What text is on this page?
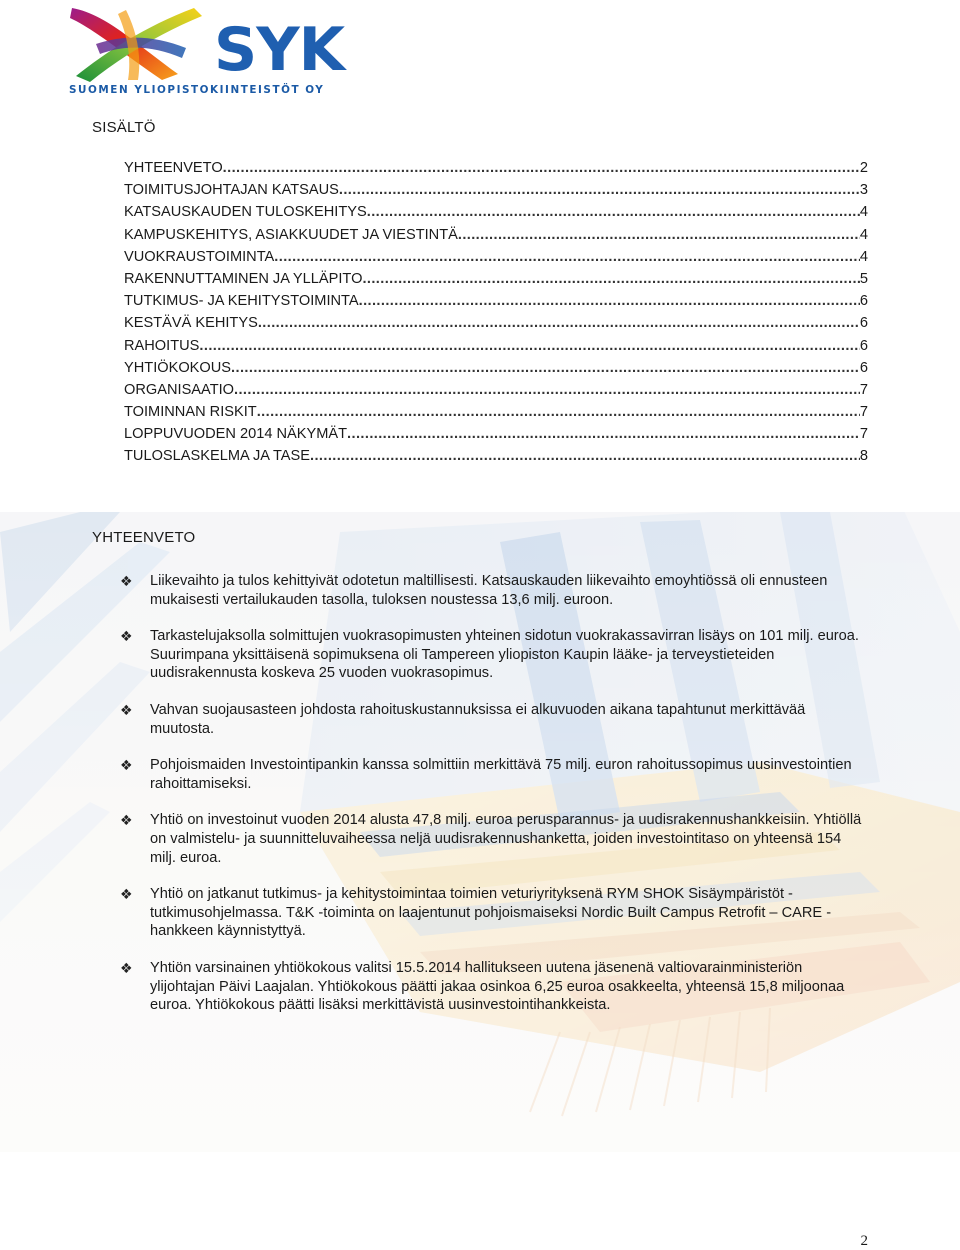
SYK
SUOMEN YLIOPISTOKIINTEISTÖT OY
SISÄLTÖ
YHTEENVETO .....	2
TOIMITUSJOHTAJAN KATSAUS .....	3
KATSAUSKAUDEN TULOSKEHITYS .....	4
KAMPUSKEHITYS, ASIAKKUUDET JA VIESTINTÄ .....	4
VUOKRAUSTOIMINTA .....	4
RAKENNUTTAMINEN JA YLLÄPITO .....	5
TUTKIMUS- JA KEHITYSTOIMINTA .....	6
KESTÄVÄ KEHITYS .....	6
RAHOITUS .....	6
YHTIÖKOKOUS .....	6
ORGANISAATIO .....	7
TOIMINNAN RISKIT .....	7
LOPPUVUODEN 2014 NÄKYMÄT .....	7
TULOSLASKELMA JA TASE .....	8
YHTEENVETO
❖ Liikevaihto ja tulos kehittyivät odotetun maltillisesti. Katsauskauden liikevaihto emoyhtiössä oli ennusteen mukaisesti vertailukauden tasolla, tuloksen noustessa 13,6 milj. euroon.
❖ Tarkastelujaksolla solmittujen vuokrasopimusten yhteinen sidotun vuokrakassavirran lisäys on 101 milj. euroa. Suurimpana yksittäisenä sopimuksena oli Tampereen yliopiston Kaupin lääke- ja terveystieteiden uudisrakennusta koskeva 25 vuoden vuokrasopimus.
❖ Vahvan suojausasteen johdosta rahoituskustannuksissa ei alkuvuoden aikana tapahtunut merkittävää muutosta.
❖ Pohjoismaiden Investointipankin kanssa solmittiin merkittävä 75 milj. euron rahoitussopimus uusinvestointien rahoittamiseksi.
❖ Yhtiö on investoinut vuoden 2014 alusta 47,8 milj. euroa perusparannus- ja uudisrakennushankkeisiin. Yhtiöllä on valmistelu- ja suunnitteluvaiheessa neljä uudisrakennushanketta, joiden investointitaso on yhteensä 154 milj. euroa.
❖ Yhtiö on jatkanut tutkimus- ja kehitystoimintaa toimien veturiyrityksenä RYM SHOK Sisäympäristöt -tutkimusohjelmassa. T&K -toiminta on laajentunut pohjoismaiseksi Nordic Built Campus Retrofit – CARE -hankkeen käynnistyttyä.
❖ Yhtiön varsinainen yhtiökokous valitsi 15.5.2014 hallitukseen uutena jäsenenä valtiovarainministeriön ylijohtajan Päivi Laajalan. Yhtiökokous päätti jakaa osinkoa 6,25 euroa osakkeelta, yhteensä 15,8 miljoonaa euroa. Yhtiökokous päätti lisäksi merkittävistä uusinvestointihankkeista.
2
